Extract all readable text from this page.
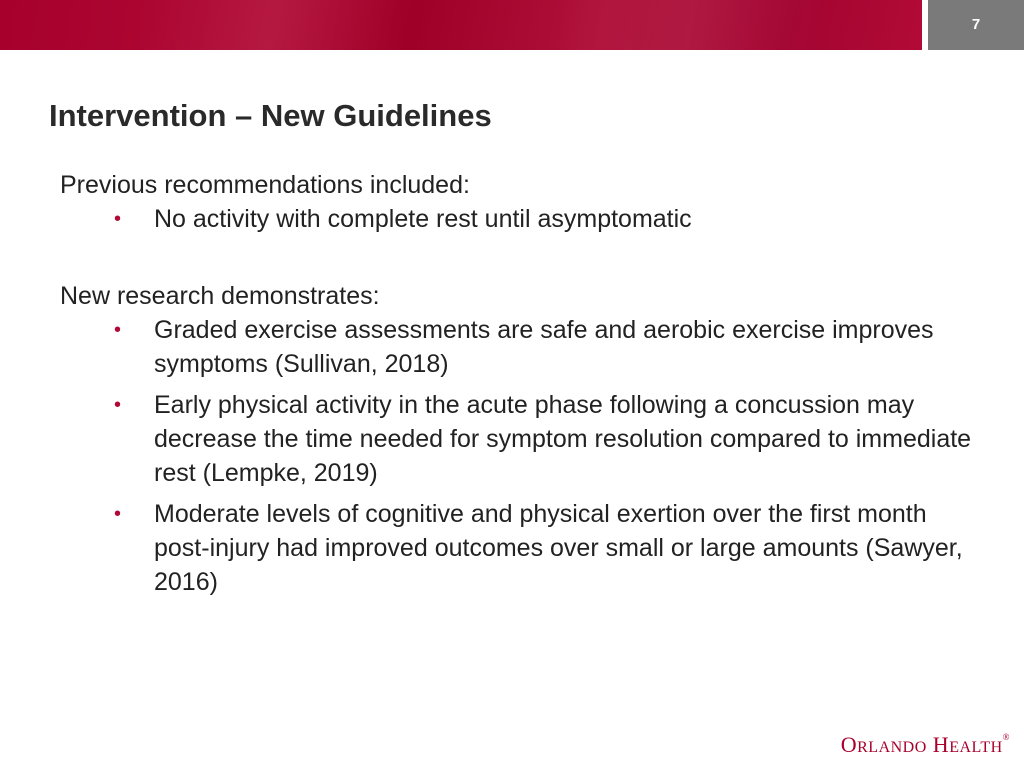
7
Intervention – New Guidelines

Previous recommendations included:

• No activity with complete rest until asymptomatic

New research demonstrates:

• Graded exercise assessments are safe and aerobic exercise improves symptoms (Sullivan, 2018)
• Early physical activity in the acute phase following a concussion may decrease the time needed for symptom resolution compared to immediate rest (Lempke, 2019)
• Moderate levels of cognitive and physical exertion over the first month post-injury had improved outcomes over small or large amounts (Sawyer, 2016)
ORLANDO HEALTH®
